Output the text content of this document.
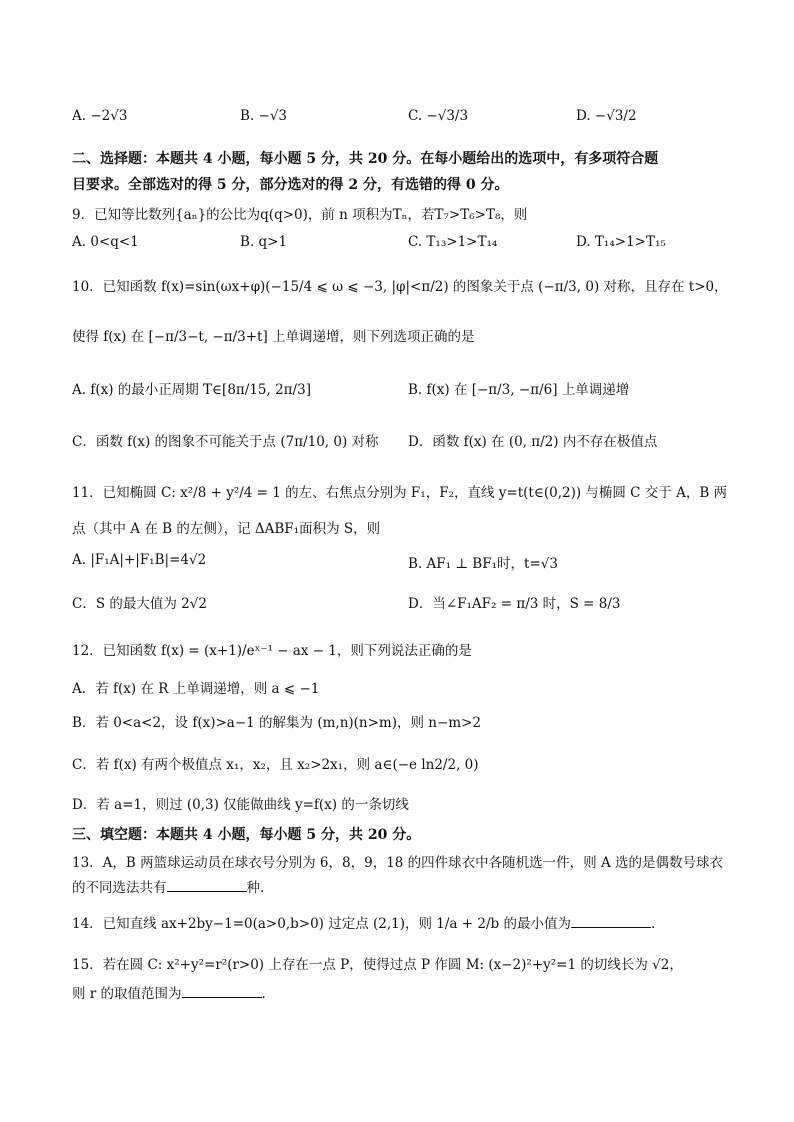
A. −2√3	B. −√3	C. −√3/3	D. −√3/2
二、选择题：本题共 4 小题，每小题 5 分，共 20 分。在每小题给出的选项中，有多项符合题
目要求。全部选对的得 5 分，部分选对的得 2 分，有选错的得 0 分。
9．已知等比数列{aₙ}的公比为q(q>0)，前 n 项积为Tₙ，若T₇>T₆>T₈，则
A. 0<q<1	B. q>1	C. T₁₃>1>T₁₄	D. T₁₄>1>T₁₅
10．已知函数 f(x)=sin(ωx+φ)(−15/4 ⩽ ω ⩽ −3, |φ|<π/2) 的图象关于点 (−π/3, 0) 对称，且存在 t>0，
使得 f(x) 在 [−π/3−t, −π/3+t] 上单调递增，则下列选项正确的是
A. f(x) 的最小正周期 T∈[8π/15, 2π/3]	B. f(x) 在 [−π/3, −π/6] 上单调递增
C．函数 f(x) 的图象不可能关于点 (7π/10, 0) 对称 D．函数 f(x) 在 (0, π/2) 内不存在极值点
11．已知椭圆 C: x²/8 + y²/4 = 1 的左、右焦点分别为 F₁，F₂，直线 y=t(t∈(0,2)) 与椭圆 C 交于 A，B 两
点（其中 A 在 B 的左侧），记 ΔABF₁面积为 S，则
A. |F₁A|+|F₁B|=4√2	B. AF₁ ⊥ BF₁时，t=√3
C．S 的最大值为 2√2	D．当∠F₁AF₂ = π/3 时，S = 8/3
12．已知函数 f(x) = (x+1)/eˣ⁻¹ − ax − 1，则下列说法正确的是
A．若 f(x) 在 R 上单调递增，则 a ⩽ −1
B．若 0<a<2，设 f(x)>a−1 的解集为 (m,n)(n>m)，则 n−m>2
C．若 f(x) 有两个极值点 x₁，x₂，且 x₂>2x₁，则 a∈(−e ln2/2, 0)
D．若 a=1，则过 (0,3) 仅能做曲线 y=f(x) 的一条切线
三、填空题：本题共 4 小题，每小题 5 分，共 20 分。
13．A，B 两篮球运动员在球衣号分别为 6，8，9，18 的四件球衣中各随机选一件，则 A 选的是偶数号球衣
的不同选法共有	种.
14．已知直线 ax+2by−1=0(a>0,b>0) 过定点 (2,1)，则 1/a + 2/b 的最小值为	.
15．若在圆 C: x²+y²=r²(r>0) 上存在一点 P，使得过点 P 作圆 M: (x−2)²+y²=1 的切线长为 √2，
则 r 的取值范围为	.
